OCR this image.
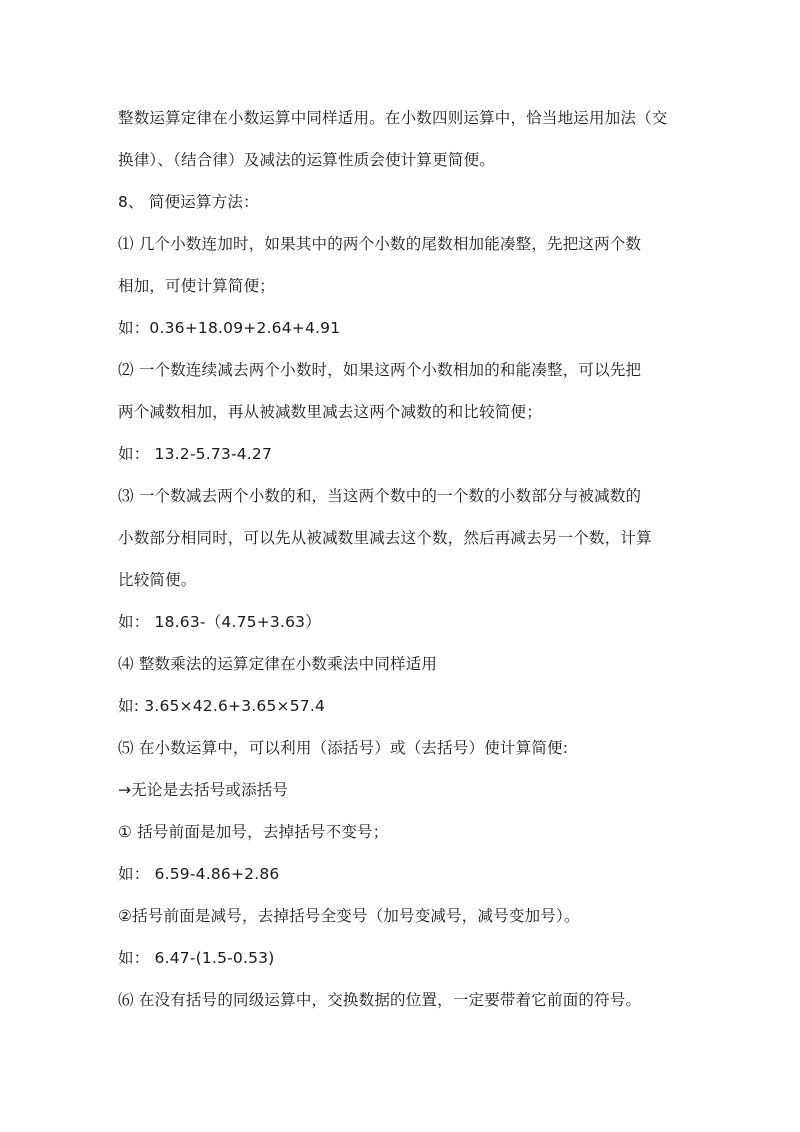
整数运算定律在小数运算中同样适用。在小数四则运算中，恰当地运用加法（交
换律）、（结合律）及减法的运算性质会使计算更简便。
8、 简便运算方法：
⑴ 几个小数连加时，如果其中的两个小数的尾数相加能凑整，先把这两个数
相加，可使计算简便；
如：0.36+18.09+2.64+4.91
⑵ 一个数连续减去两个小数时，如果这两个小数相加的和能凑整，可以先把
两个减数相加，再从被减数里减去这两个减数的和比较简便；
如： 13.2-5.73-4.27
⑶ 一个数减去两个小数的和，当这两个数中的一个数的小数部分与被减数的
小数部分相同时，可以先从被减数里减去这个数，然后再减去另一个数，计算
比较简便。
如： 18.63-（4.75+3.63）
⑷ 整数乘法的运算定律在小数乘法中同样适用
如: 3.65×42.6+3.65×57.4
⑸ 在小数运算中，可以利用（添括号）或（去括号）使计算简便:
→无论是去括号或添括号
① 括号前面是加号，去掉括号不变号；
如： 6.59-4.86+2.86
②括号前面是减号，去掉括号全变号（加号变减号，减号变加号）。
如： 6.47-(1.5-0.53)
⑹ 在没有括号的同级运算中，交换数据的位置，一定要带着它前面的符号。
